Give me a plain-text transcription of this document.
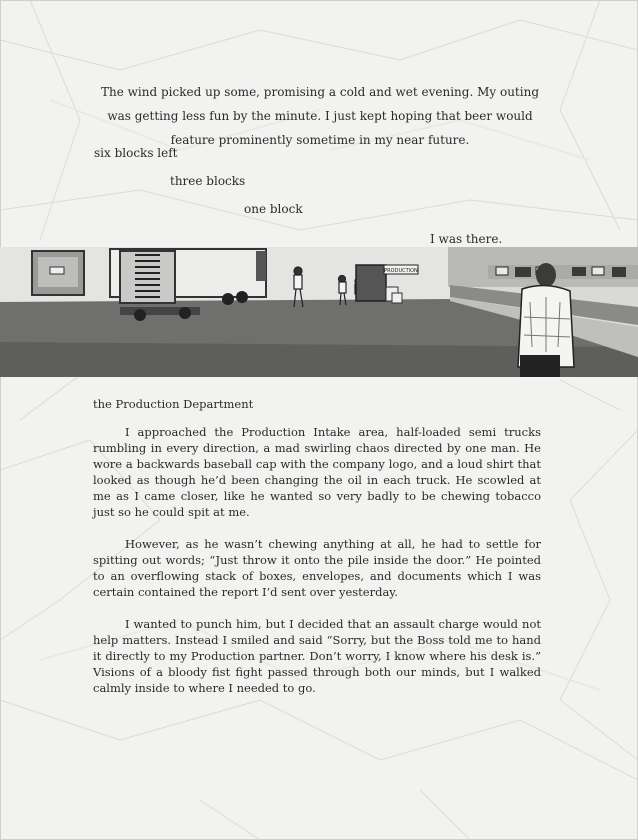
The wind picked up some, promising a cold and wet evening. My outing was getting less fun by the minute. I just kept hoping that beer would feature prominently sometime in my near future.
six blocks left
three blocks
one block
I was there.
PRODUCTION
the Production Department

I approached the Production Intake area, half-loaded semi trucks rumbling in every direction, a mad swirling chaos directed by one man. He wore a backwards baseball cap with the company logo, and a loud shirt that looked as though he’d been changing the oil in each truck. He scowled at me as I came closer, like he wanted so very badly to be chewing tobacco just so he could spit at me.

However, as he wasn’t chewing anything at all, he had to settle for spitting out words; “Just throw it onto the pile inside the door.” He pointed to an overflowing stack of boxes, envelopes, and documents which I was certain contained the report I’d sent over yesterday.

I wanted to punch him, but I decided that an assault charge would not help matters. Instead I smiled and said “Sorry, but the Boss told me to hand it directly to my Production partner. Don’t worry, I know where his desk is.” Visions of a bloody fist fight passed through both our minds, but I walked calmly inside to where I needed to go.
